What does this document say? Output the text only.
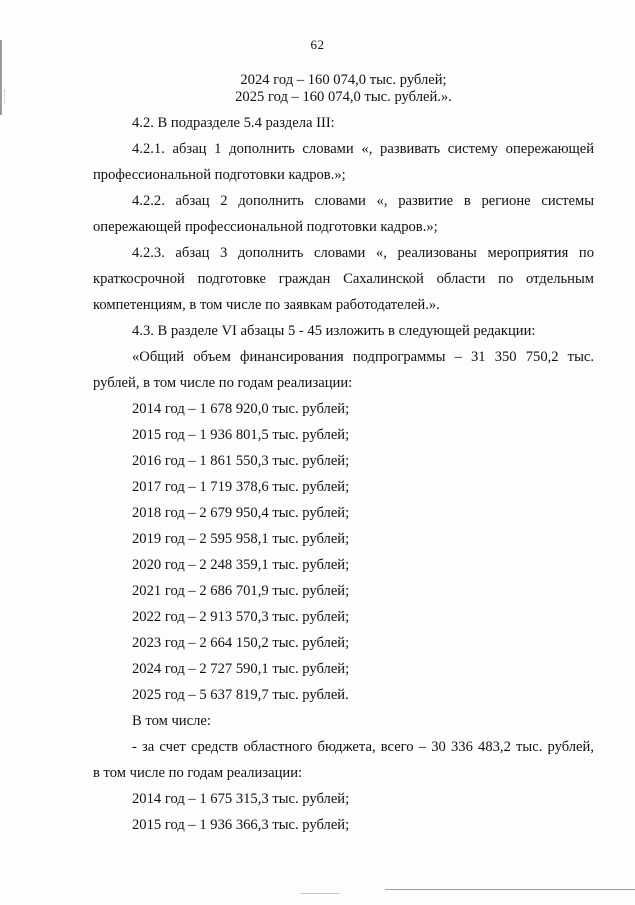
62
2024 год – 160 074,0 тыс. рублей;
2025 год – 160 074,0 тыс. рублей.».
4.2. В подразделе 5.4 раздела III:
4.2.1. абзац 1 дополнить словами «, развивать систему опережающей
профессиональной подготовки кадров.»;
4.2.2. абзац 2 дополнить словами «, развитие в регионе системы
опережающей профессиональной подготовки кадров.»;
4.2.3. абзац 3 дополнить словами «, реализованы мероприятия по
краткосрочной подготовке граждан Сахалинской области по отдельным
компетенциям, в том числе по заявкам работодателей.».
4.3. В разделе VI абзацы 5 - 45 изложить в следующей редакции:
«Общий объем финансирования подпрограммы – 31 350 750,2 тыс.
рублей, в том числе по годам реализации:
2014 год – 1 678 920,0 тыс. рублей;
2015 год – 1 936 801,5 тыс. рублей;
2016 год – 1 861 550,3 тыс. рублей;
2017 год – 1 719 378,6 тыс. рублей;
2018 год – 2 679 950,4 тыс. рублей;
2019 год – 2 595 958,1 тыс. рублей;
2020 год – 2 248 359,1 тыс. рублей;
2021 год – 2 686 701,9 тыс. рублей;
2022 год – 2 913 570,3 тыс. рублей;
2023 год – 2 664 150,2 тыс. рублей;
2024 год – 2 727 590,1 тыс. рублей;
2025 год – 5 637 819,7 тыс. рублей.
В том числе:
- за счет средств областного бюджета, всего – 30 336 483,2 тыс. рублей,
в том числе по годам реализации:
2014 год – 1 675 315,3 тыс. рублей;
2015 год – 1 936 366,3 тыс. рублей;
